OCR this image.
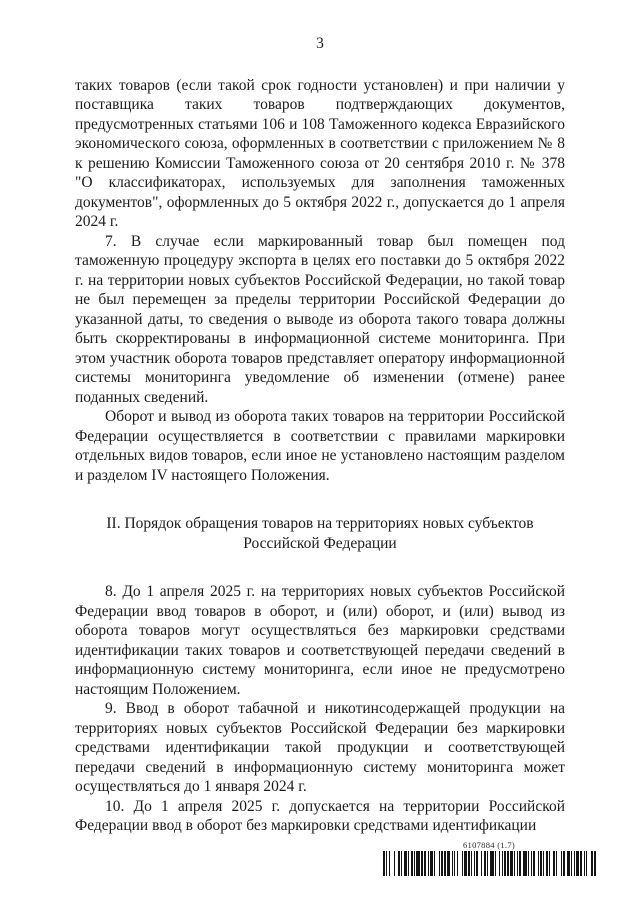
3

таких товаров (если такой срок годности установлен) и при наличии у поставщика таких товаров подтверждающих документов, предусмотренных статьями 106 и 108 Таможенного кодекса Евразийского экономического союза, оформленных в соответствии с приложением № 8 к решению Комиссии Таможенного союза от 20 сентября 2010 г. № 378 "О классификаторах, используемых для заполнения таможенных документов", оформленных до 5 октября 2022 г., допускается до 1 апреля 2024 г.

7. В случае если маркированный товар был помещен под таможенную процедуру экспорта в целях его поставки до 5 октября 2022 г. на территории новых субъектов Российской Федерации, но такой товар не был перемещен за пределы территории Российской Федерации до указанной даты, то сведения о выводе из оборота такого товара должны быть скорректированы в информационной системе мониторинга. При этом участник оборота товаров представляет оператору информационной системы мониторинга уведомление об изменении (отмене) ранее поданных сведений.

Оборот и вывод из оборота таких товаров на территории Российской Федерации осуществляется в соответствии с правилами маркировки отдельных видов товаров, если иное не установлено настоящим разделом и разделом IV настоящего Положения.

II. Порядок обращения товаров на территориях новых субъектов Российской Федерации

8. До 1 апреля 2025 г. на территориях новых субъектов Российской Федерации ввод товаров в оборот, и (или) оборот, и (или) вывод из оборота товаров могут осуществляться без маркировки средствами идентификации таких товаров и соответствующей передачи сведений в информационную систему мониторинга, если иное не предусмотрено настоящим Положением.

9. Ввод в оборот табачной и никотинсодержащей продукции на территориях новых субъектов Российской Федерации без маркировки средствами идентификации такой продукции и соответствующей передачи сведений в информационную систему мониторинга может осуществляться до 1 января 2024 г.

10. До 1 апреля 2025 г. допускается на территории Российской Федерации ввод в оборот без маркировки средствами идентификации

6107884 (1.7)
